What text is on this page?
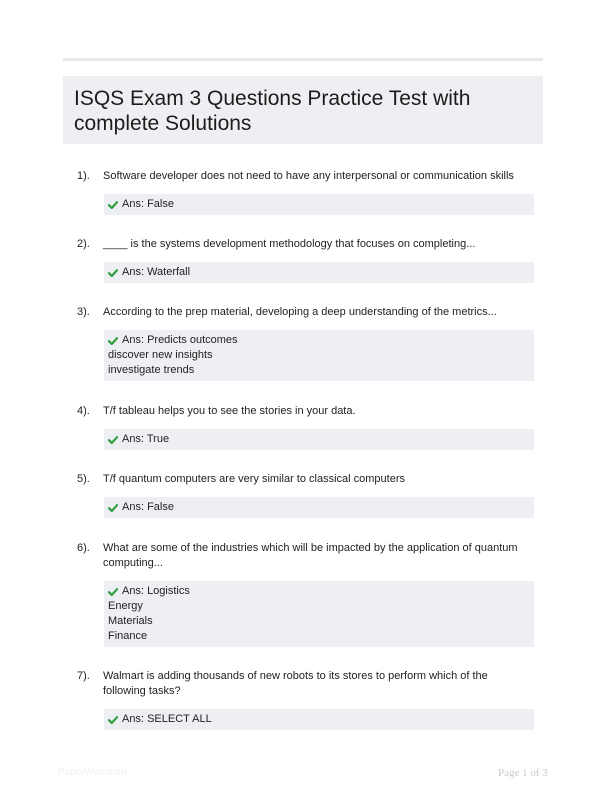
ISQS Exam 3 Questions Practice Test with complete Solutions
1). Software developer does not need to have any interpersonal or communication skills
Ans: False
2). ____ is the systems development methodology that focuses on completing...
Ans: Waterfall
3). According to the prep material, developing a deep understanding of the metrics...
Ans: Predicts outcomes
discover new insights
investigate trends
4). T/f tableau helps you to see the stories in your data.
Ans: True
5). T/f quantum computers are very similar to classical computers
Ans: False
6). What are some of the industries which will be impacted by the application of quantum computing...
Ans: Logistics
Energy
Materials
Finance
7). Walmart is adding thousands of new robots to its stores to perform which of the following tasks?
Ans: SELECT ALL
PaperWeb.com	Page 1 of 3
